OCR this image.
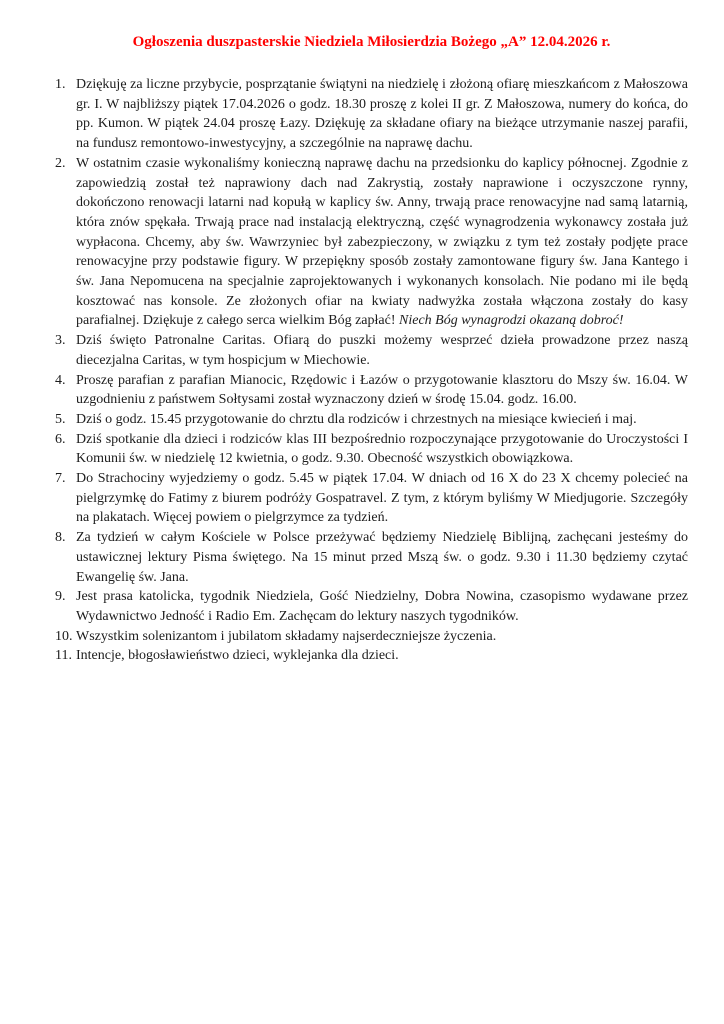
Ogłoszenia duszpasterskie Niedziela Miłosierdzia Bożego „A” 12.04.2026 r.
1. Dziękuję za liczne przybycie, posprzątanie świątyni na niedzielę i złożoną ofiarę mieszkańcom z Małoszowa gr. I. W najbliższy piątek 17.04.2026 o godz. 18.30 proszę z kolei II gr. Z Małoszowa, numery do końca, do pp. Kumon. W piątek 24.04 proszę Łazy. Dziękuję za składane ofiary na bieżące utrzymanie naszej parafii, na fundusz remontowo-inwestycyjny, a szczególnie na naprawę dachu.
2. W ostatnim czasie wykonaliśmy konieczną naprawę dachu na przedsionku do kaplicy północnej. Zgodnie z zapowiedzią został też naprawiony dach nad Zakrystią, zostały naprawione i oczyszczone rynny, dokończono renowacji latarni nad kopułą w kaplicy św. Anny, trwają prace renowacyjne nad samą latarnią, która znów spękała. Trwają prace nad instalacją elektryczną, część wynagrodzenia wykonawcy została już wypłacona. Chcemy, aby św. Wawrzyniec był zabezpieczony, w związku z tym też zostały podjęte prace renowacyjne przy podstawie figury. W przepiękny sposób zostały zamontowane figury św. Jana Kantego i św. Jana Nepomucena na specjalnie zaprojektowanych i wykonanych konsolach. Nie podano mi ile będą kosztować nas konsole. Ze złożonych ofiar na kwiaty nadwyżka została włączona zostały do kasy parafialnej. Dziękuje z całego serca wielkim Bóg zapłać! Niech Bóg wynagrodzi okazaną dobroć!
3. Dziś święto Patronalne Caritas. Ofiarą do puszki możemy wesprzeć dzieła prowadzone przez naszą diecezjalna Caritas, w tym hospicjum w Miechowie.
4. Proszę parafian z parafian Mianocic, Rzędowic i Łazów o przygotowanie klasztoru do Mszy św. 16.04. W uzgodnieniu z państwem Sołtysami został wyznaczony dzień w środę 15.04. godz. 16.00.
5. Dziś o godz. 15.45 przygotowanie do chrztu dla rodziców i chrzestnych na miesiące kwiecień i maj.
6. Dziś spotkanie dla dzieci i rodziców klas III bezpośrednio rozpoczynające przygotowanie do Uroczystości I Komunii św. w niedzielę 12 kwietnia, o godz. 9.30. Obecność wszystkich obowiązkowa.
7. Do Strachociny wyjedziemy o godz. 5.45 w piątek 17.04. W dniach od 16 X do 23 X chcemy polecieć na pielgrzymkę do Fatimy z biurem podróży Gospatravel. Z tym, z którym byliśmy W Miedjugorie. Szczegóły na plakatach. Więcej powiem o pielgrzymce za tydzień.
8. Za tydzień w całym Kościele w Polsce przeżywać będziemy Niedzielę Biblijną, zachęcani jesteśmy do ustawicznej lektury Pisma świętego. Na 15 minut przed Mszą św. o godz. 9.30 i 11.30 będziemy czytać Ewangelię św. Jana.
9. Jest prasa katolicka, tygodnik Niedziela, Gość Niedzielny, Dobra Nowina, czasopismo wydawane przez Wydawnictwo Jedność i Radio Em. Zachęcam do lektury naszych tygodników.
10. Wszystkim solenizantom i jubilatom składamy najserdeczniejsze życzenia.
11. Intencje, błogosławieństwo dzieci, wyklejanka dla dzieci.
